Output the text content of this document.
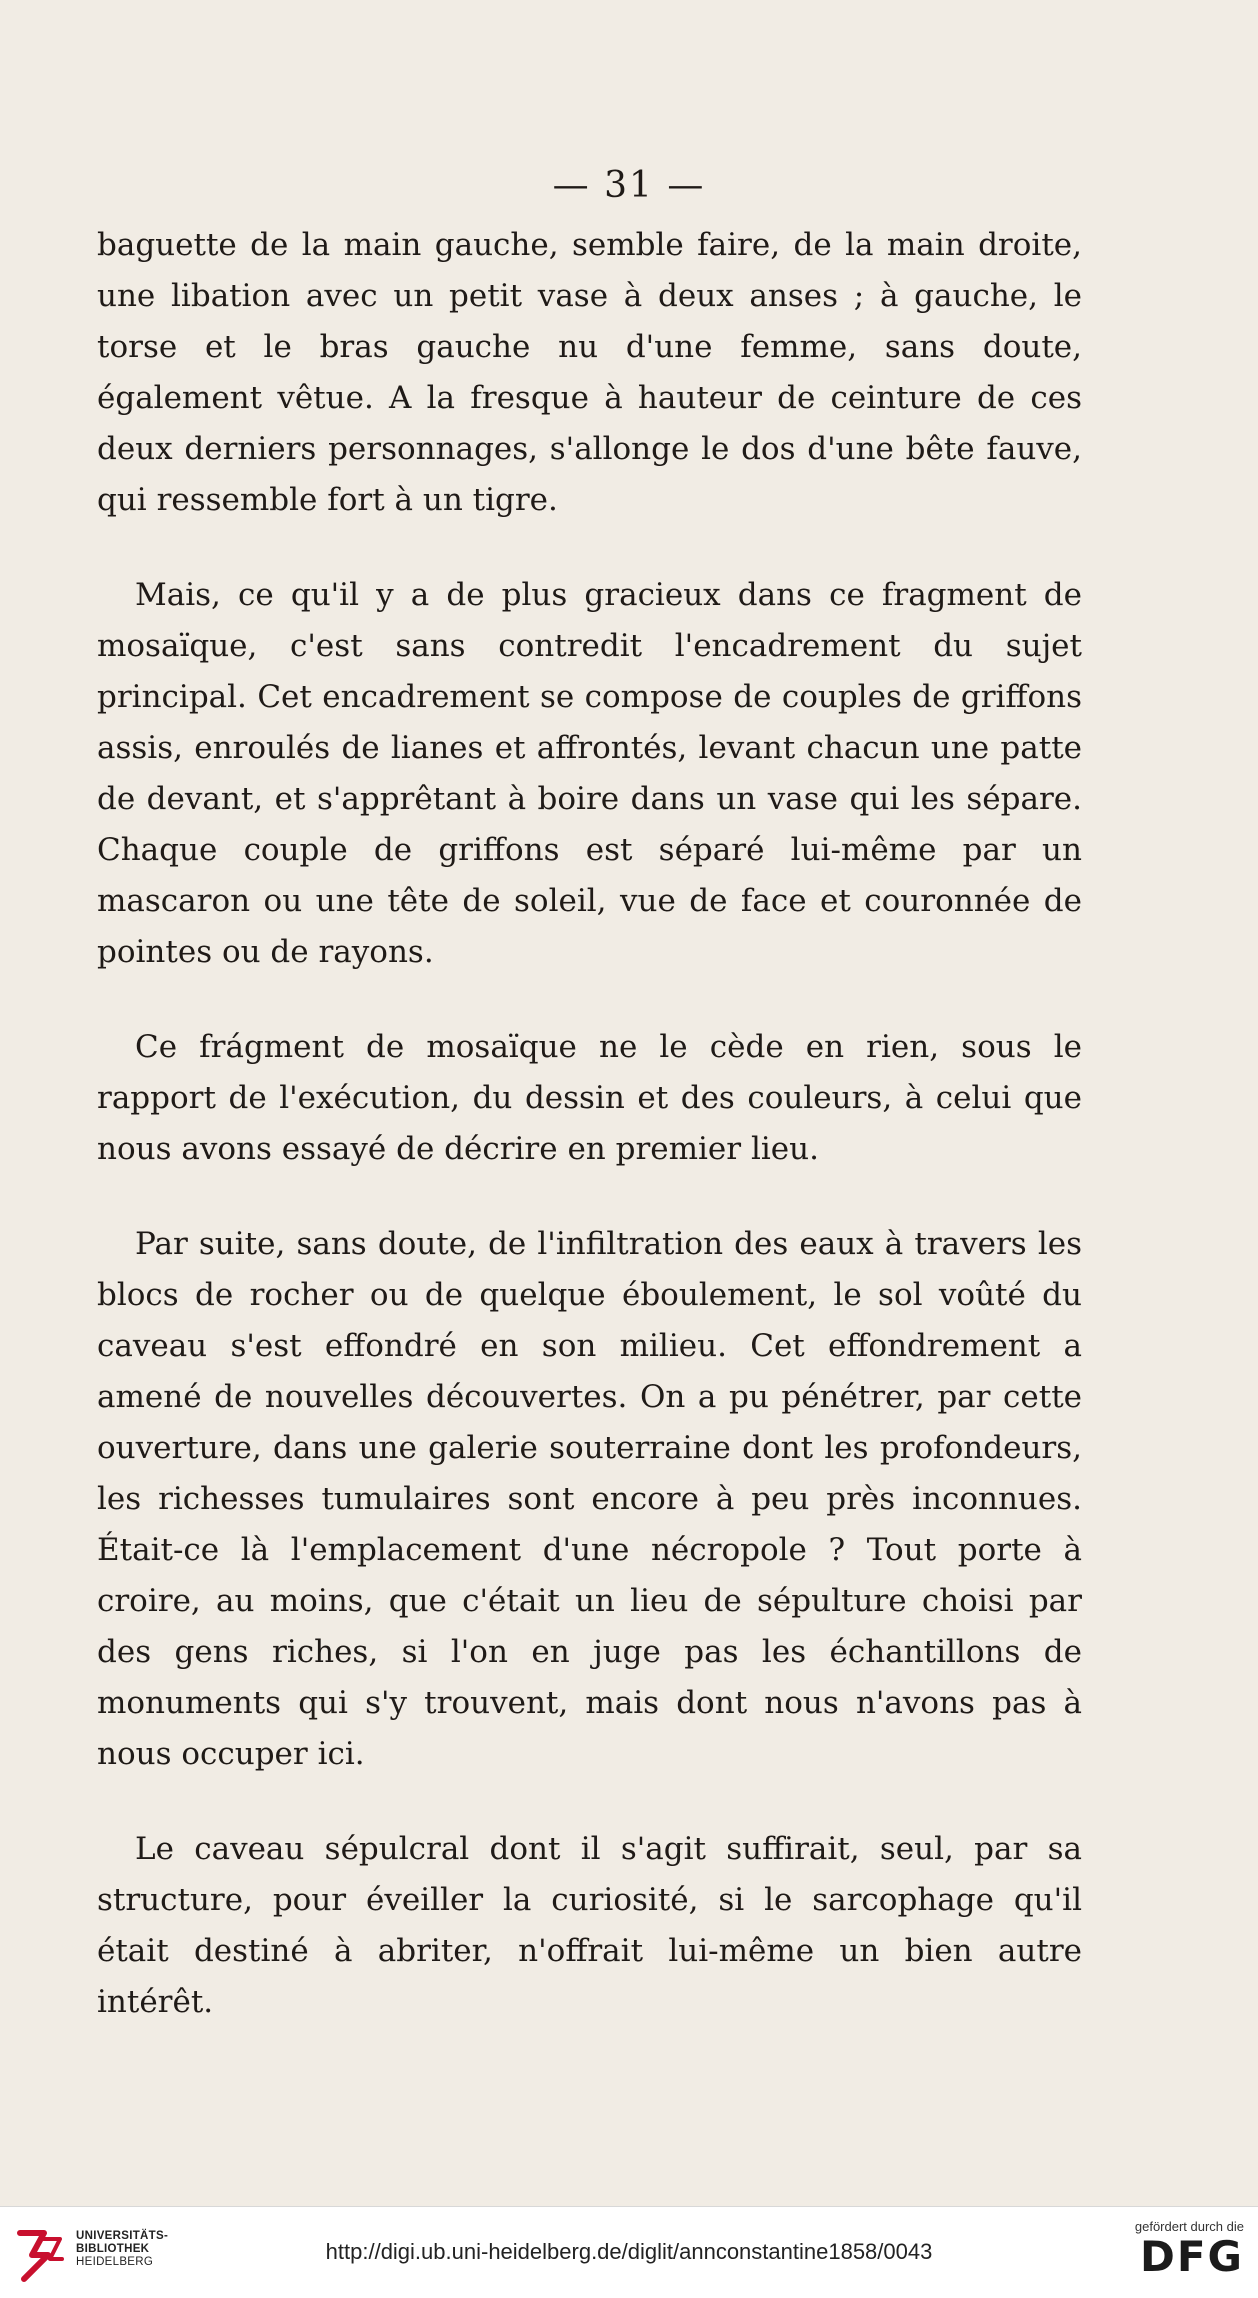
— 31 —

baguette de la main gauche, semble faire, de la main droite, une libation avec un petit vase à deux anses ; à gauche, le torse et le bras gauche nu d'une femme, sans doute, également vêtue. A la fresque à hauteur de ceinture de ces deux derniers personnages, s'allonge le dos d'une bête fauve, qui ressemble fort à un tigre.

Mais, ce qu'il y a de plus gracieux dans ce fragment de mosaïque, c'est sans contredit l'encadrement du sujet principal. Cet encadrement se compose de couples de griffons assis, enroulés de lianes et affrontés, levant chacun une patte de devant, et s'apprêtant à boire dans un vase qui les sépare. Chaque couple de griffons est séparé lui-même par un mascaron ou une tête de soleil, vue de face et couronnée de pointes ou de rayons.

Ce frágment de mosaïque ne le cède en rien, sous le rapport de l'exécution, du dessin et des couleurs, à celui que nous avons essayé de décrire en premier lieu.

Par suite, sans doute, de l'infiltration des eaux à travers les blocs de rocher ou de quelque éboulement, le sol voûté du caveau s'est effondré en son milieu. Cet effondrement a amené de nouvelles découvertes. On a pu pénétrer, par cette ouverture, dans une galerie souterraine dont les profondeurs, les richesses tumulaires sont encore à peu près inconnues. Était-ce là l'emplacement d'une nécropole ? Tout porte à croire, au moins, que c'était un lieu de sépulture choisi par des gens riches, si l'on en juge pas les échantillons de monuments qui s'y trouvent, mais dont nous n'avons pas à nous occuper ici.

Le caveau sépulcral dont il s'agit suffirait, seul, par sa structure, pour éveiller la curiosité, si le sarcophage qu'il était destiné à abriter, n'offrait lui-même un bien autre intérêt.

UNIVERSITÄTS-
BIBLIOTHEK
HEIDELBERG	http://digi.ub.uni-heidelberg.de/diglit/annconstantine1858/0043
gefördert durch die
DFG
